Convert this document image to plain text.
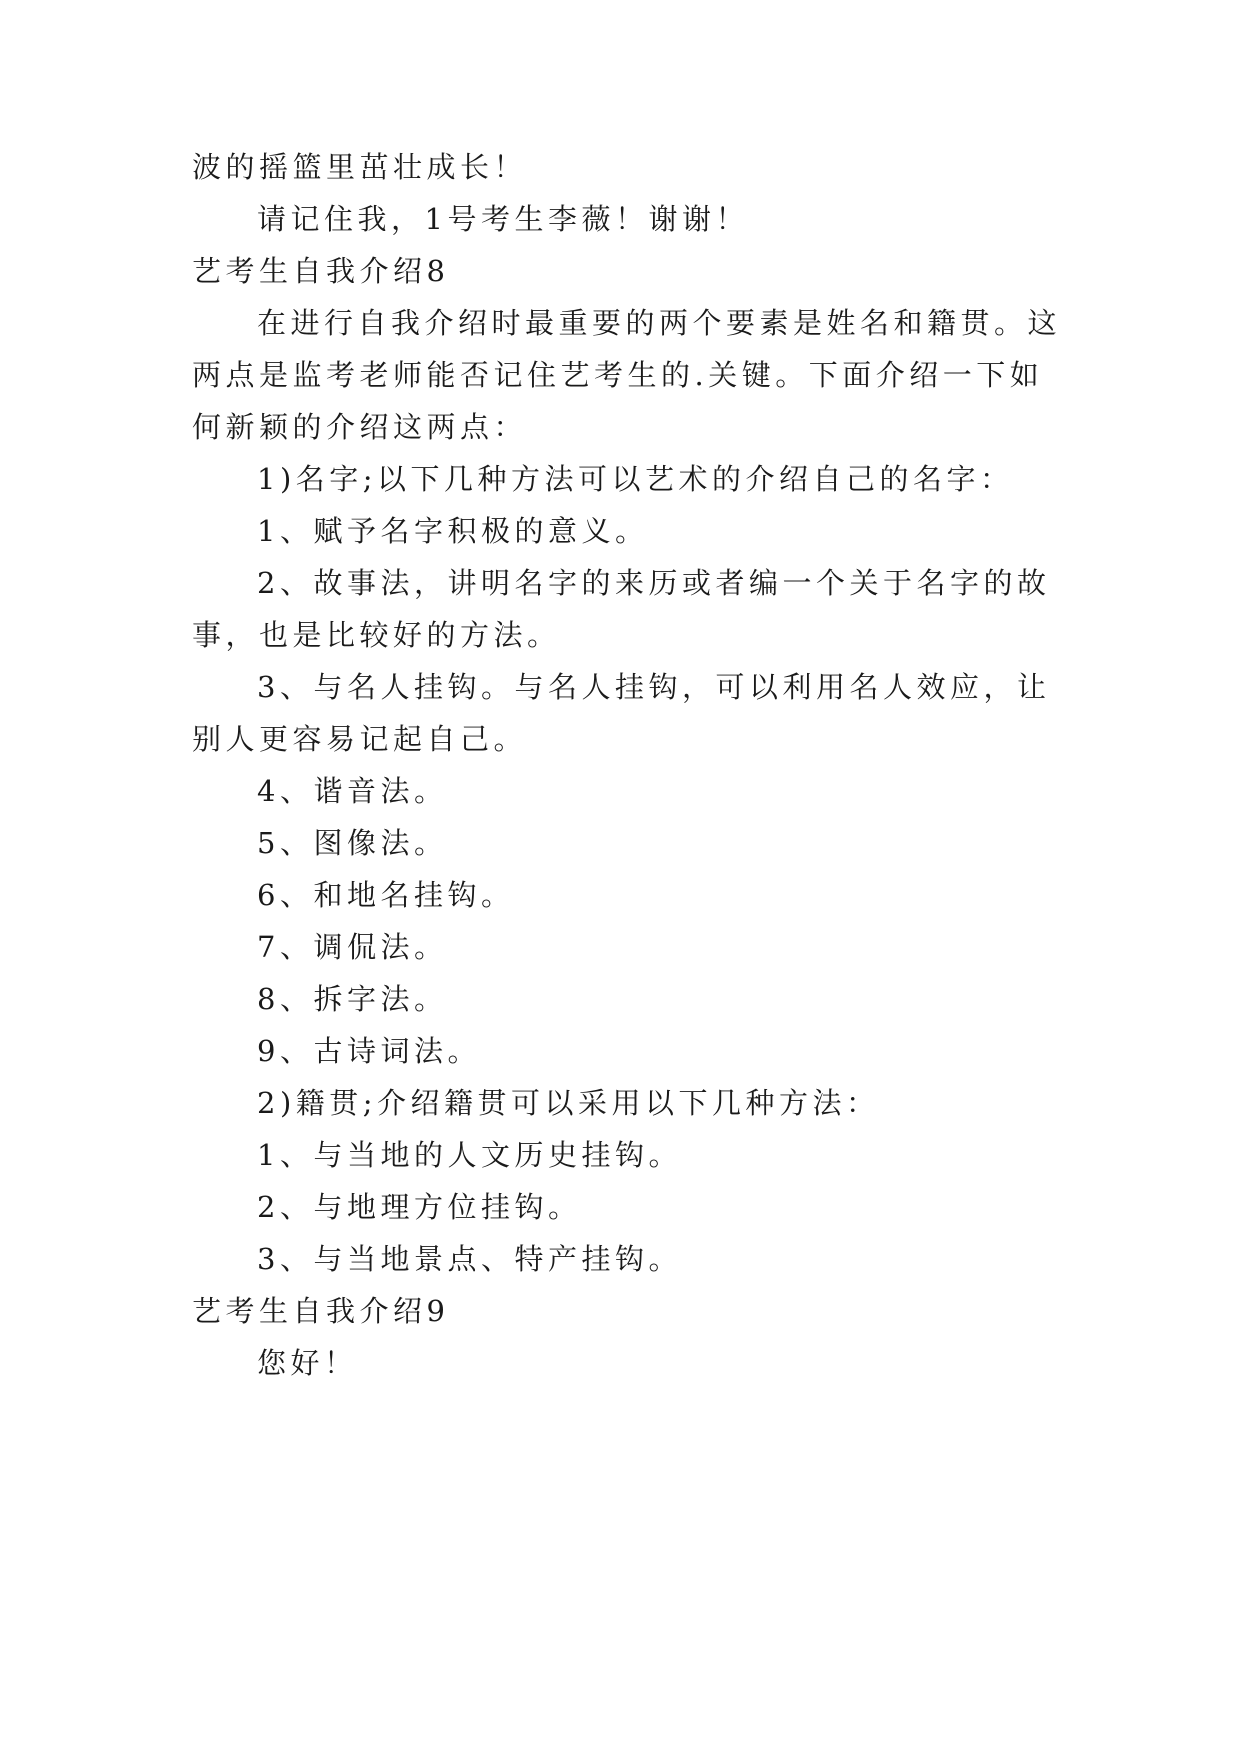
波的摇篮里茁壮成长！
请记住我，1号考生李薇！谢谢！
艺考生自我介绍8
在进行自我介绍时最重要的两个要素是姓名和籍贯。这
两点是监考老师能否记住艺考生的.关键。下面介绍一下如
何新颖的介绍这两点：
1)名字;以下几种方法可以艺术的介绍自己的名字：
1、赋予名字积极的意义。
2、故事法，讲明名字的来历或者编一个关于名字的故
事，也是比较好的方法。
3、与名人挂钩。与名人挂钩，可以利用名人效应，让
别人更容易记起自己。
4、谐音法。
5、图像法。
6、和地名挂钩。
7、调侃法。
8、拆字法。
9、古诗词法。
2)籍贯;介绍籍贯可以采用以下几种方法：
1、与当地的人文历史挂钩。
2、与地理方位挂钩。
3、与当地景点、特产挂钩。
艺考生自我介绍9
您好！
